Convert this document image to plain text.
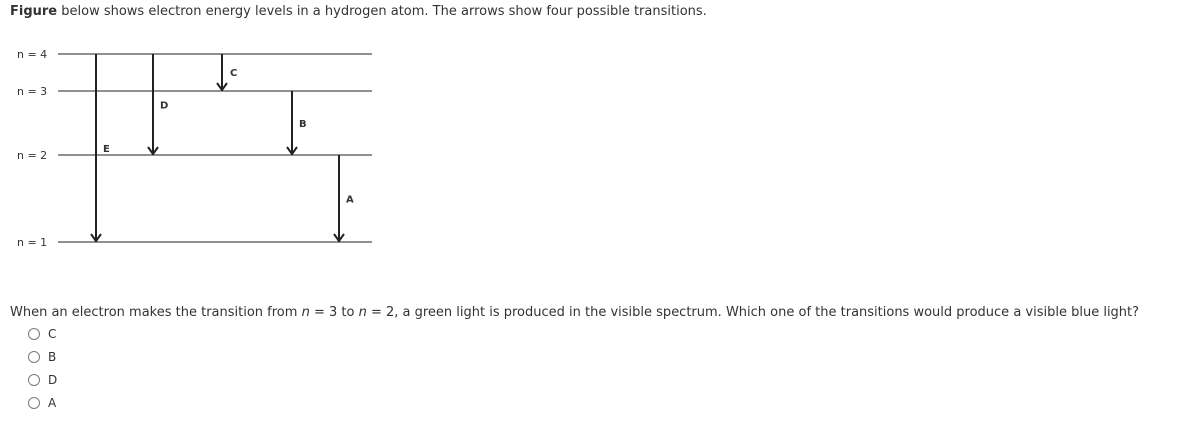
Figure below shows electron energy levels in a hydrogen atom. The arrows show four possible transitions.
n = 4
n = 3
n = 2
n = 1
E
D
C
B
A
When an electron makes the transition from n = 3 to n = 2, a green light is produced in the visible spectrum. Which one of the transitions would produce a visible blue light?
C
B
D
A
